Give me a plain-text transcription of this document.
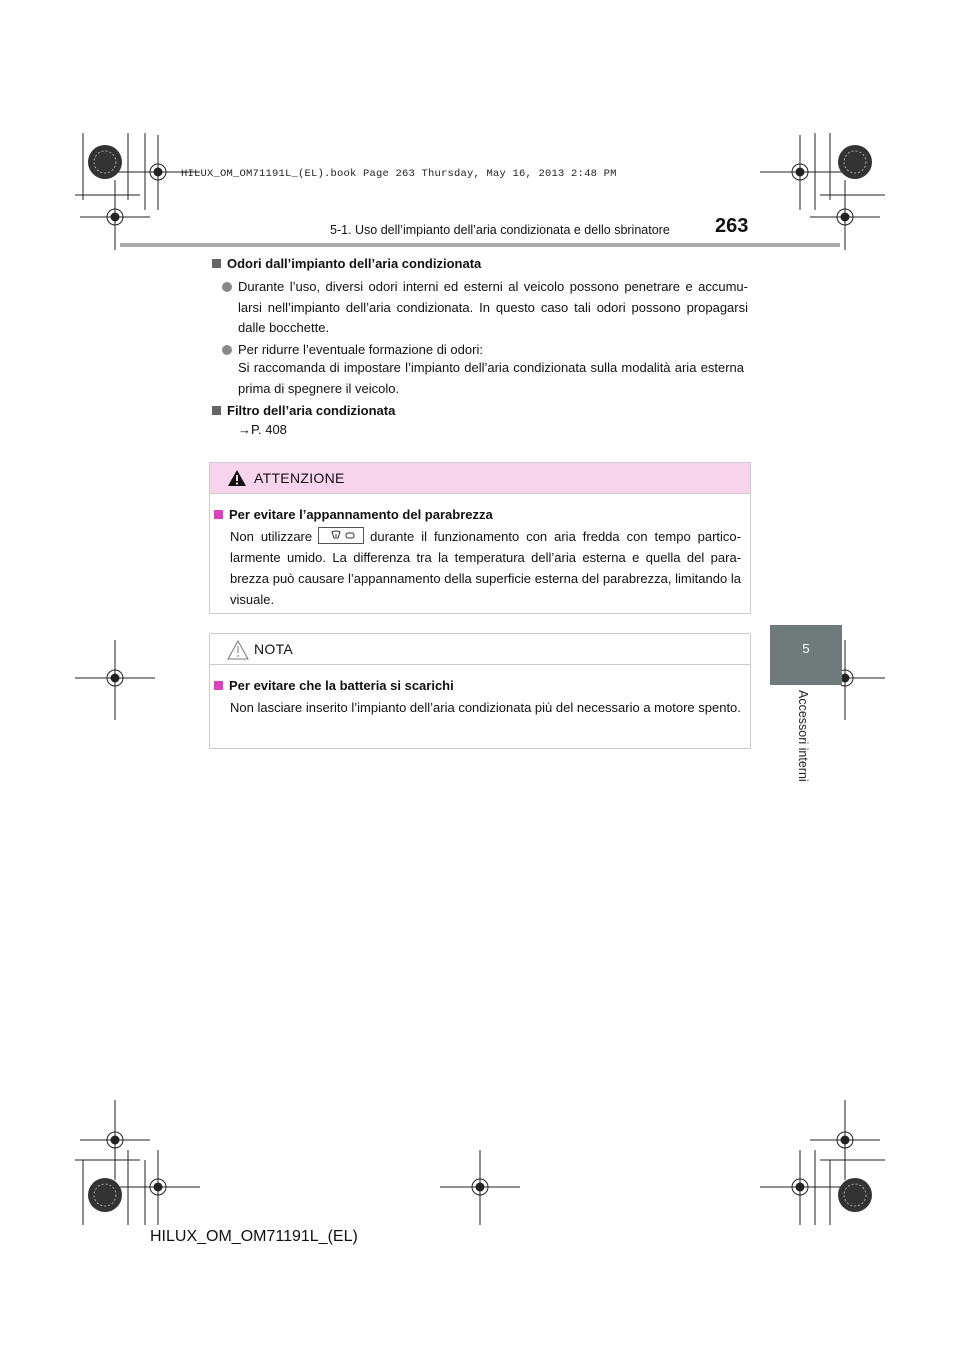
HILUX_OM_OM71191L_(EL).book Page 263 Thursday, May 16, 2013 2:48 PM
5-1. Uso dell’impianto dell’aria condizionata e dello sbrinatore 263
5
Accessori interni
Odori dall’impianto dell’aria condizionata
Durante l’uso, diversi odori interni ed esterni al veicolo possono penetrare e accumu-larsi nell’impianto dell’aria condizionata. In questo caso tali odori possono propagarsi dalle bocchette.
Per ridurre l’eventuale formazione di odori:
Si raccomanda di impostare l’impianto dell’aria condizionata sulla modalità aria esterna prima di spegnere il veicolo.
Filtro dell’aria condizionata
→P. 408
ATTENZIONE
Per evitare l’appannamento del parabrezza
Non utilizzare	durante il funzionamento con aria fredda con tempo partico-larmente umido. La differenza tra la temperatura dell’aria esterna e quella del para-brezza può causare l’appannamento della superficie esterna del parabrezza, limitando la visuale.
NOTA
Per evitare che la batteria si scarichi
Non lasciare inserito l’impianto dell’aria condizionata più del necessario a motore spento.
HILUX_OM_OM71191L_(EL)
